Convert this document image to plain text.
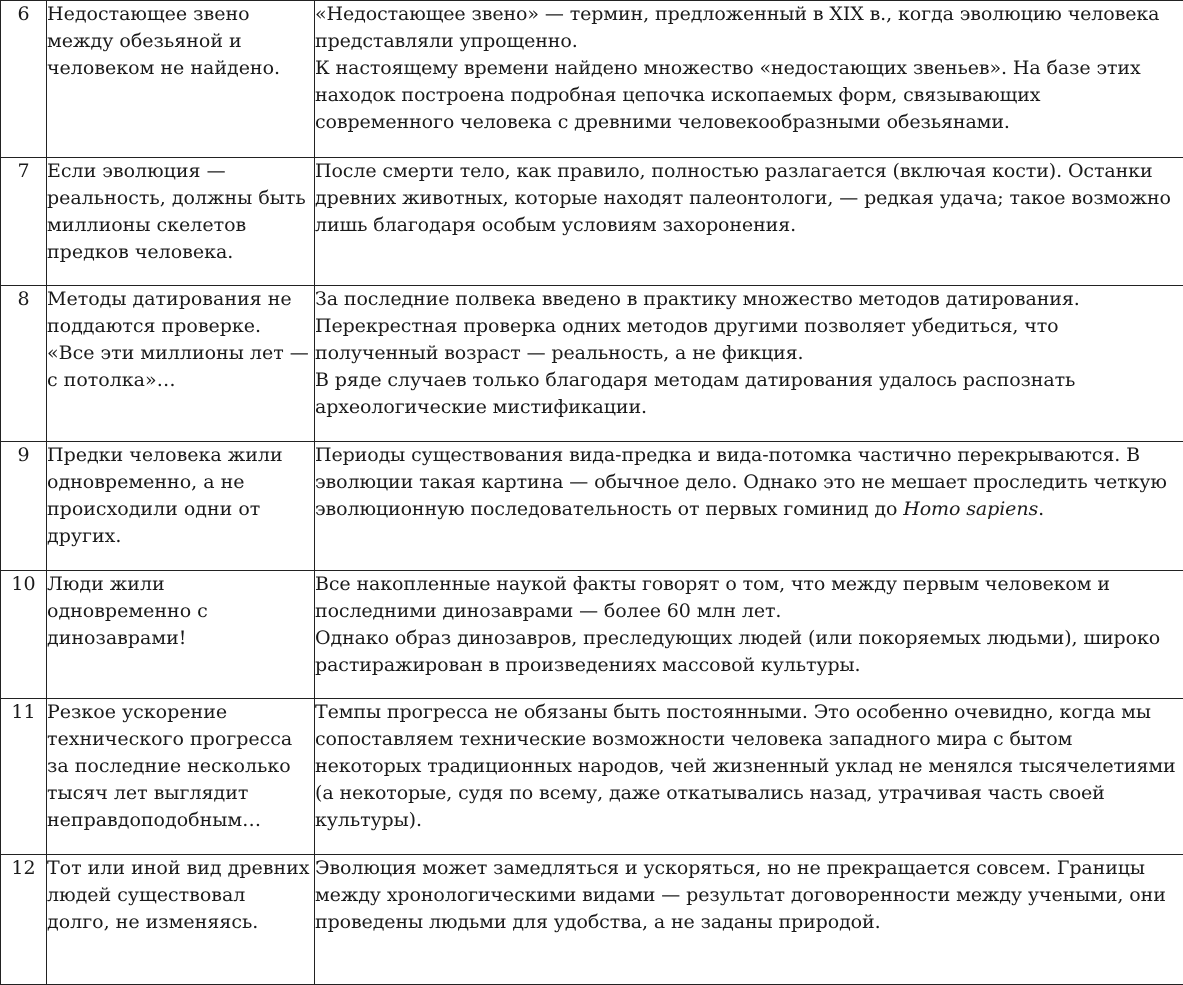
6	Недостающее звено между обезьяной и человеком не найдено.	«Недостающее звено» — термин, предложенный в XIX в., когда эволюцию человека представляли упрощенно.

К настоящему времени найдено множество «недостающих звеньев». На базе этих находок построена подробная цепочка ископаемых форм, связывающих современного человека с древними человекообразными обезьянами.

7	Если эволюция — реальность, должны быть миллионы скелетов предков человека.	После смерти тело, как правило, полностью разлагается (включая кости). Останки древних животных, которые находят палеонтологи, — редкая удача; такое возможно лишь благодаря особым условиям захоронения.

8	Методы датирования не поддаются проверке. «Все эти миллионы лет — с потолка»…	За последние полвека введено в практику множество методов датирования.

Перекрестная проверка одних методов другими позволяет убедиться, что полученный возраст — реальность, а не фикция.

В ряде случаев только благодаря методам датирования удалось распознать археологические мистификации.

9	Предки человека жили одновременно, а не происходили одни от других.	Периоды существования вида-предка и вида-потомка частично перекрываются. В эволюции такая картина — обычное дело. Однако это не мешает проследить четкую эволюционную последовательность от первых гоминид до Homo sapiens.

10	Люди жили одновременно с динозаврами!	Все накопленные наукой факты говорят о том, что между первым человеком и последними динозаврами — более 60 млн лет.

Однако образ динозавров, преследующих людей (или покоряемых людьми), широко растиражирован в произведениях массовой культуры.

11	Резкое ускорение технического прогресса за последние несколько тысяч лет выглядит неправдоподобным…	Темпы прогресса не обязаны быть постоянными. Это особенно очевидно, когда мы сопоставляем технические возможности человека западного мира с бытом некоторых традиционных народов, чей жизненный уклад не менялся тысячелетиями (а некоторые, судя по всему, даже откатывались назад, утрачивая часть своей культуры).

12	Тот или иной вид древних людей существовал долго, не изменяясь.	Эволюция может замедляться и ускоряться, но не прекращается совсем. Границы между хронологическими видами — результат договоренности между учеными, они проведены людьми для удобства, а не заданы природой.
